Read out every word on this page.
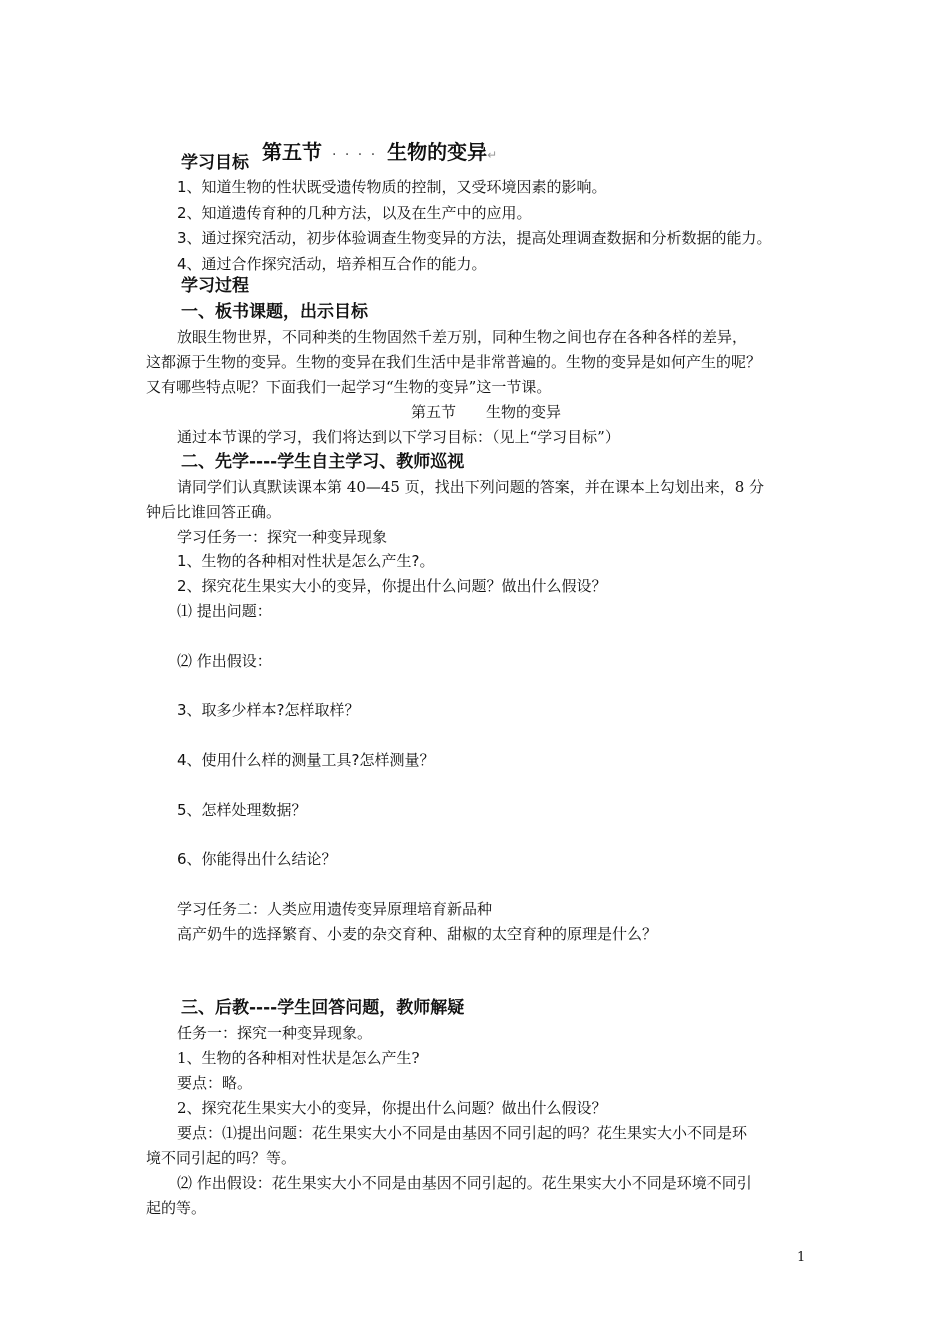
学习目标 第五节 · · · · 生物的变异↵
1、知道生物的性状既受遗传物质的控制，又受环境因素的影响。
2、知道遗传育种的几种方法，以及在生产中的应用。
3、通过探究活动，初步体验调查生物变异的方法，提高处理调查数据和分析数据的能力。
4、通过合作探究活动，培养相互合作的能力。
学习过程
一、板书课题，出示目标
放眼生物世界，不同种类的生物固然千差万别，同种生物之间也存在各种各样的差异，
这都源于生物的变异。生物的变异在我们生活中是非常普遍的。生物的变异是如何产生的呢？
又有哪些特点呢？下面我们一起学习“生物的变异”这一节课。
第五节　　生物的变异
通过本节课的学习，我们将达到以下学习目标：（见上“学习目标”）
二、先学----学生自主学习、教师巡视
请同学们认真默读课本第 40—45 页，找出下列问题的答案，并在课本上勾划出来，8 分
钟后比谁回答正确。
学习任务一：探究一种变异现象
1、生物的各种相对性状是怎么产生?。
2、探究花生果实大小的变异，你提出什么问题？做出什么假设？
⑴ 提出问题：
⑵ 作出假设：
3、取多少样本?怎样取样？
4、使用什么样的测量工具?怎样测量？
5、怎样处理数据？
6、你能得出什么结论？
学习任务二：人类应用遗传变异原理培育新品种
高产奶牛的选择繁育、小麦的杂交育种、甜椒的太空育种的原理是什么？
三、后教----学生回答问题，教师解疑
任务一：探究一种变异现象。
1、生物的各种相对性状是怎么产生?
要点：略。
2、探究花生果实大小的变异，你提出什么问题？做出什么假设？
要点：⑴提出问题：花生果实大小不同是由基因不同引起的吗？花生果实大小不同是环
境不同引起的吗？等。
⑵ 作出假设：花生果实大小不同是由基因不同引起的。花生果实大小不同是环境不同引
起的等。
1
